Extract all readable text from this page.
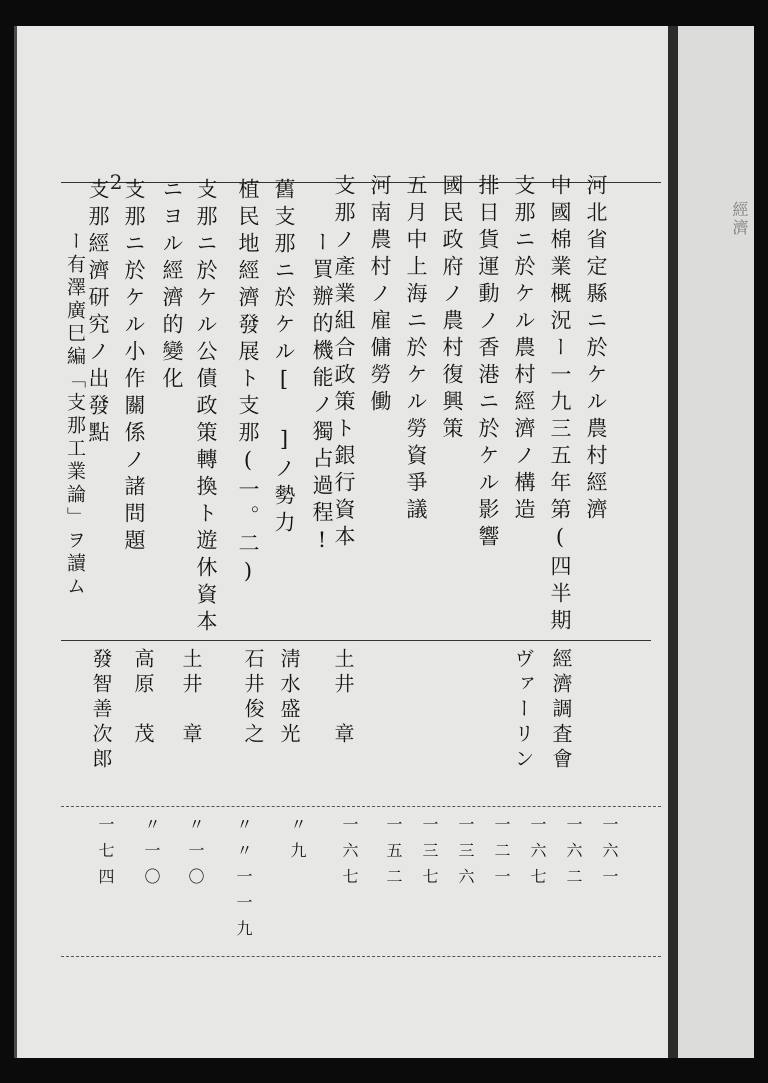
−2−	河北省定縣ニ於ケル農村經濟
中國棉業概況ー一九三五年第(四半期
支那ニ於ケル農村經濟ノ構造
排日貨運動ノ香港ニ於ケル影響
國民政府ノ農村復興策
五月中上海ニ於ケル勞資爭議
河南農村ノ雇傭勞働
支那ノ產業組合政策ト銀行資本
ー買辦的機能ノ獨占過程!
舊支那ニ於ケル[ ]ノ勢力
植民地經濟發展ト支那(一。二)
支那ニ於ケル公債政策轉換ト遊休資本
ニヨル經濟的變化
支那ニ於ケル小作關係ノ諸問題
支那經濟研究ノ出發點
ー有澤廣巳編「支那工業論」ヲ讀ム
經濟調査會
ヴァーリン
土井　章
淸水盛光
石井俊之
土井　章
高原　茂
發智善次郎
一六一
一六二
一六七
一二一
一三六
一三七
一五二
一六七
〃九
〃〃一一九
〃一〇
〃一〇
一七四
經濟
